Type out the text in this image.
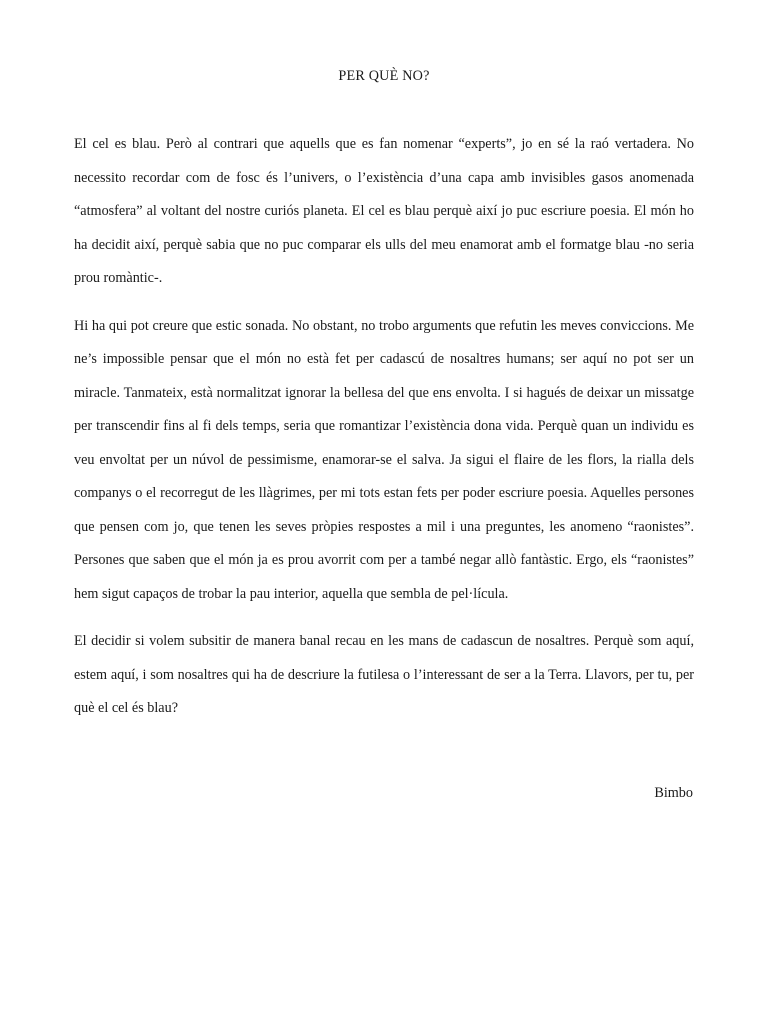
PER QUÈ NO?

El cel es blau. Però al contrari que aquells que es fan nomenar “experts”, jo en sé la raó vertadera. No necessito recordar com de fosc és l’univers, o l’existència d’una capa amb invisibles gasos anomenada “atmosfera” al voltant del nostre curiós planeta. El cel es blau perquè així jo puc escriure poesia. El món ho ha decidit així, perquè sabia que no puc comparar els ulls del meu enamorat amb el formatge blau -no seria prou romàntic-.

Hi ha qui pot creure que estic sonada. No obstant, no trobo arguments que refutin les meves conviccions. Me ne’s impossible pensar que el món no està fet per cadascú de nosaltres humans; ser aquí no pot ser un miracle. Tanmateix, està normalitzat ignorar la bellesa del que ens envolta. I si hagués de deixar un missatge per transcendir fins al fi dels temps, seria que romantizar l’existència dona vida. Perquè quan un individu es veu envoltat per un núvol de pessimisme, enamorar-se el salva. Ja sigui el flaire de les flors, la rialla dels companys o el recorregut de les llàgrimes, per mi tots estan fets per poder escriure poesia. Aquelles persones que pensen com jo, que tenen les seves pròpies respostes a mil i una preguntes, les anomeno “raonistes”. Persones que saben que el món ja es prou avorrit com per a també negar allò fantàstic. Ergo, els “raonistes” hem sigut capaços de trobar la pau interior, aquella que sembla de pel·lícula.

El decidir si volem subsitir de manera banal recau en les mans de cadascun de nosaltres. Perquè som aquí, estem aquí, i som nosaltres qui ha de descriure la futilesa o l’interessant de ser a la Terra. Llavors, per tu, per què el cel és blau?

Bimbo
